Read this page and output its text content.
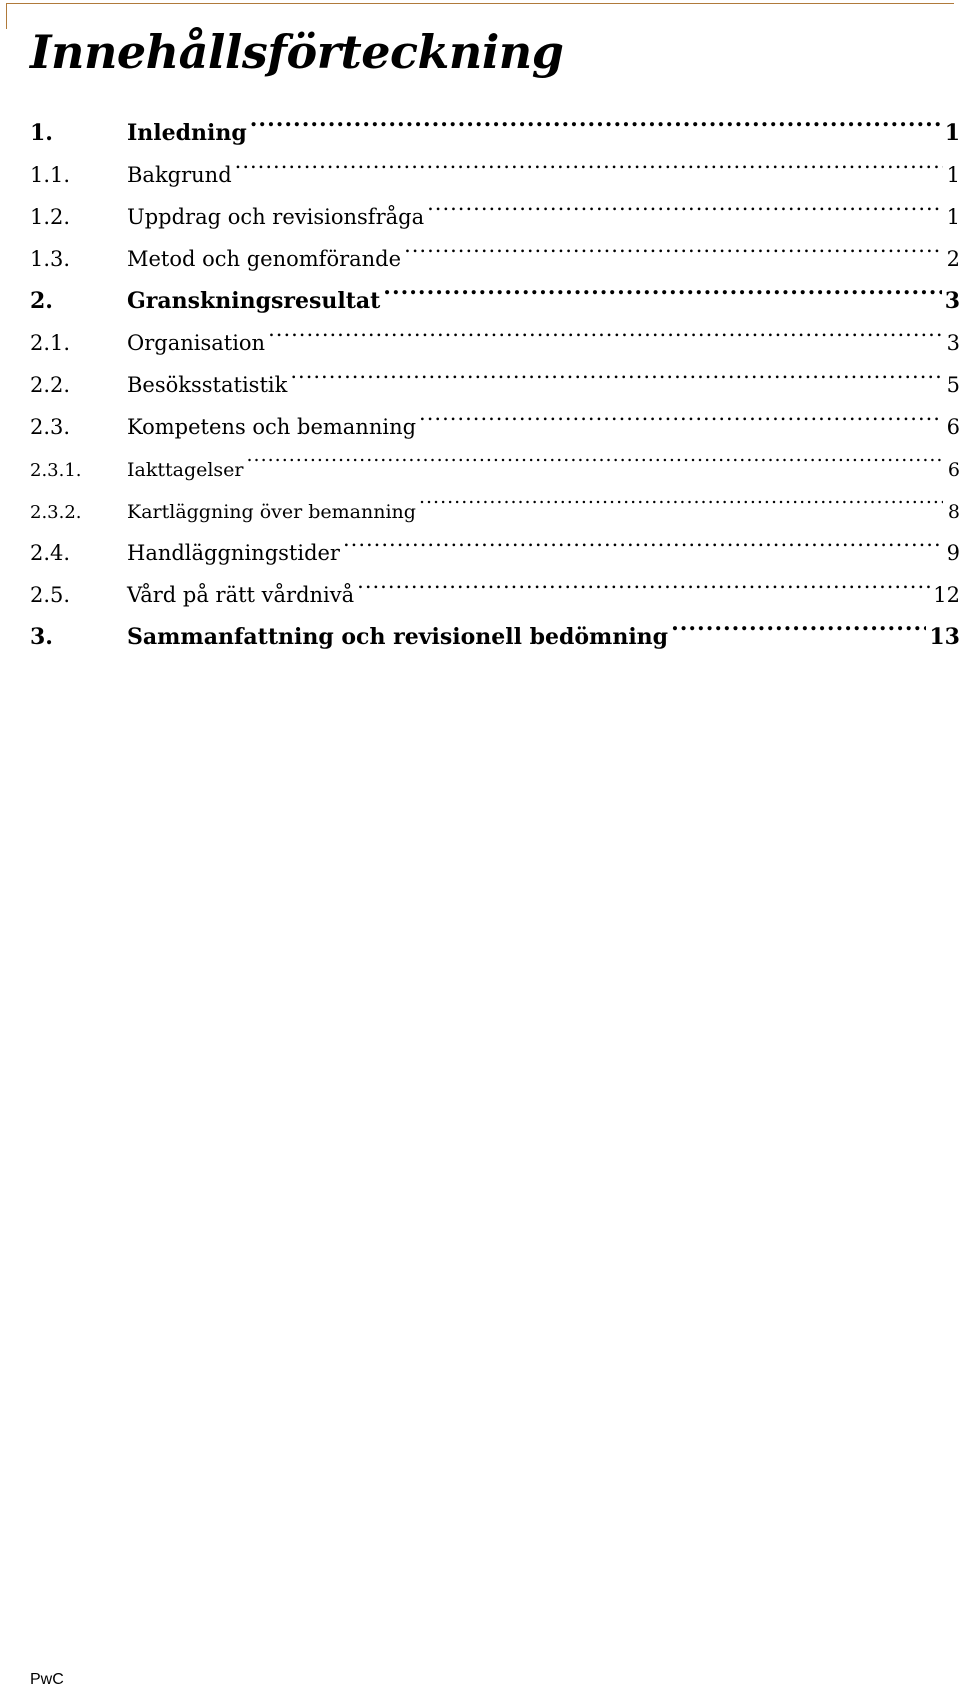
Innehållsförteckning
1.	Inledning .....	1
1.1.	Bakgrund .....	1
1.2.	Uppdrag och revisionsfråga .....	1
1.3.	Metod och genomförande .....	2
2.	Granskningsresultat .....	3
2.1.	Organisation .....	3
2.2.	Besöksstatistik .....	5
2.3.	Kompetens och bemanning .....	6
2.3.1.	Iakttagelser .....	6
2.3.2.	Kartläggning över bemanning .....	8
2.4.	Handläggningstider .....	9
2.5.	Vård på rätt vårdnivå .....	12
3.	Sammanfattning och revisionell bedömning .....	13
PwC
